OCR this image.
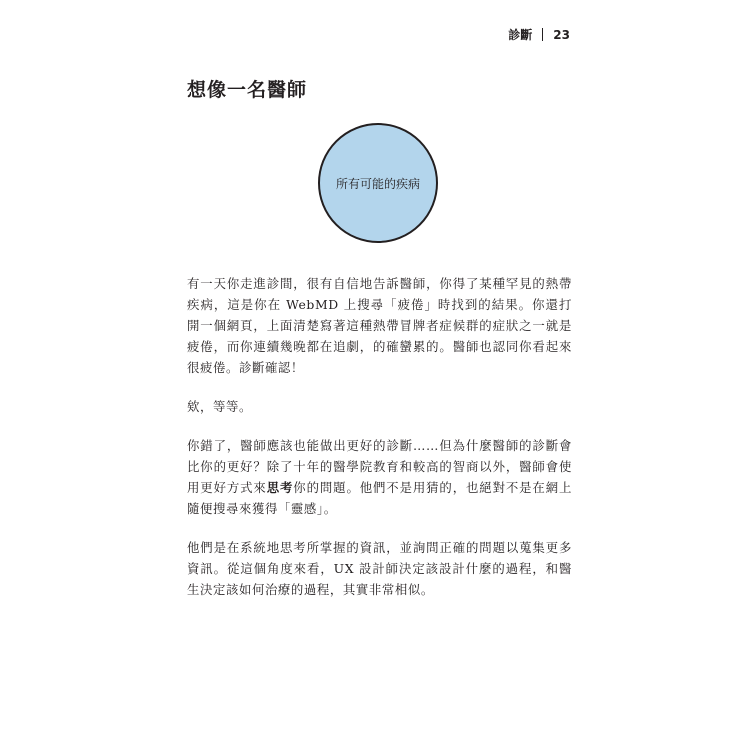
診斷 23
想像一名醫師
所有可能的疾病

有一天你走進診間，很有自信地告訴醫師，你得了某種罕見的熱帶疾病，這是你在 WebMD 上搜尋「疲倦」時找到的結果。你還打開一個網頁，上面清楚寫著這種熱帶冒牌者症候群的症狀之一就是疲倦，而你連續幾晚都在追劇，的確蠻累的。醫師也認同你看起來很疲倦。診斷確認！

欸，等等。

你錯了，醫師應該也能做出更好的診斷……但為什麼醫師的診斷會比你的更好？除了十年的醫學院教育和較高的智商以外，醫師會使用更好方式來思考你的問題。他們不是用猜的，也絕對不是在網上隨便搜尋來獲得「靈感」。

他們是在系統地思考所掌握的資訊，並詢問正確的問題以蒐集更多資訊。從這個角度來看，UX 設計師決定該設計什麼的過程，和醫生決定該如何治療的過程，其實非常相似。
